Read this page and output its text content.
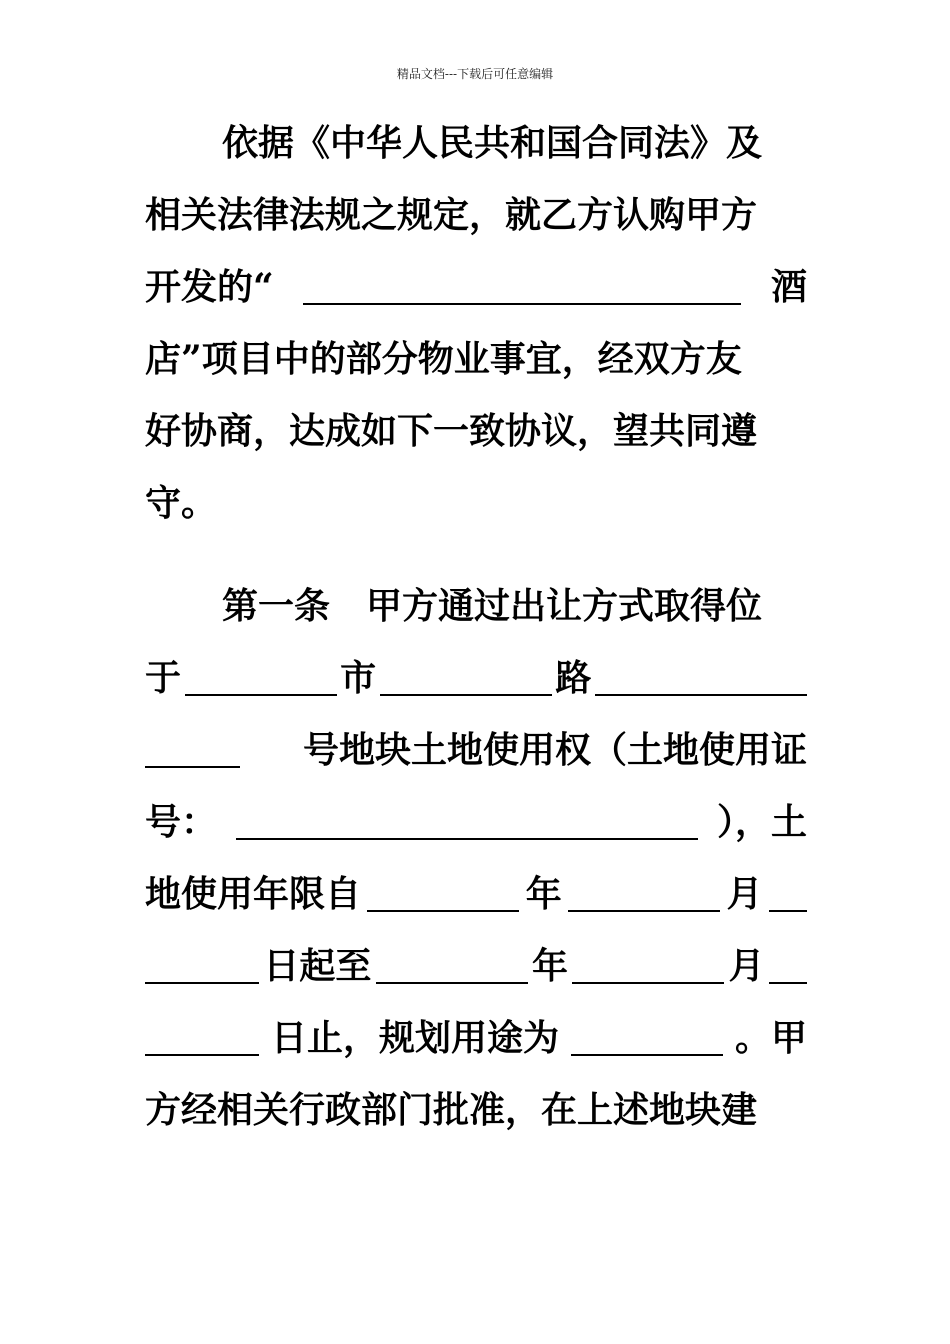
精品文档---下载后可任意编辑
依据《中华人民共和国合同法》及
相关法律法规之规定，就乙方认购甲方
开发的“	酒
店”项目中的部分物业事宜，经双方友
好协商，达成如下一致协议，望共同遵
守。
第一条　甲方通过出让方式取得位
于	市	路
号地块土地使用权（土地使用证
号：	），土
地使用年限自	年	月
日起至	年	月
日止，规划用途为	。甲
方经相关行政部门批准，在上述地块建
